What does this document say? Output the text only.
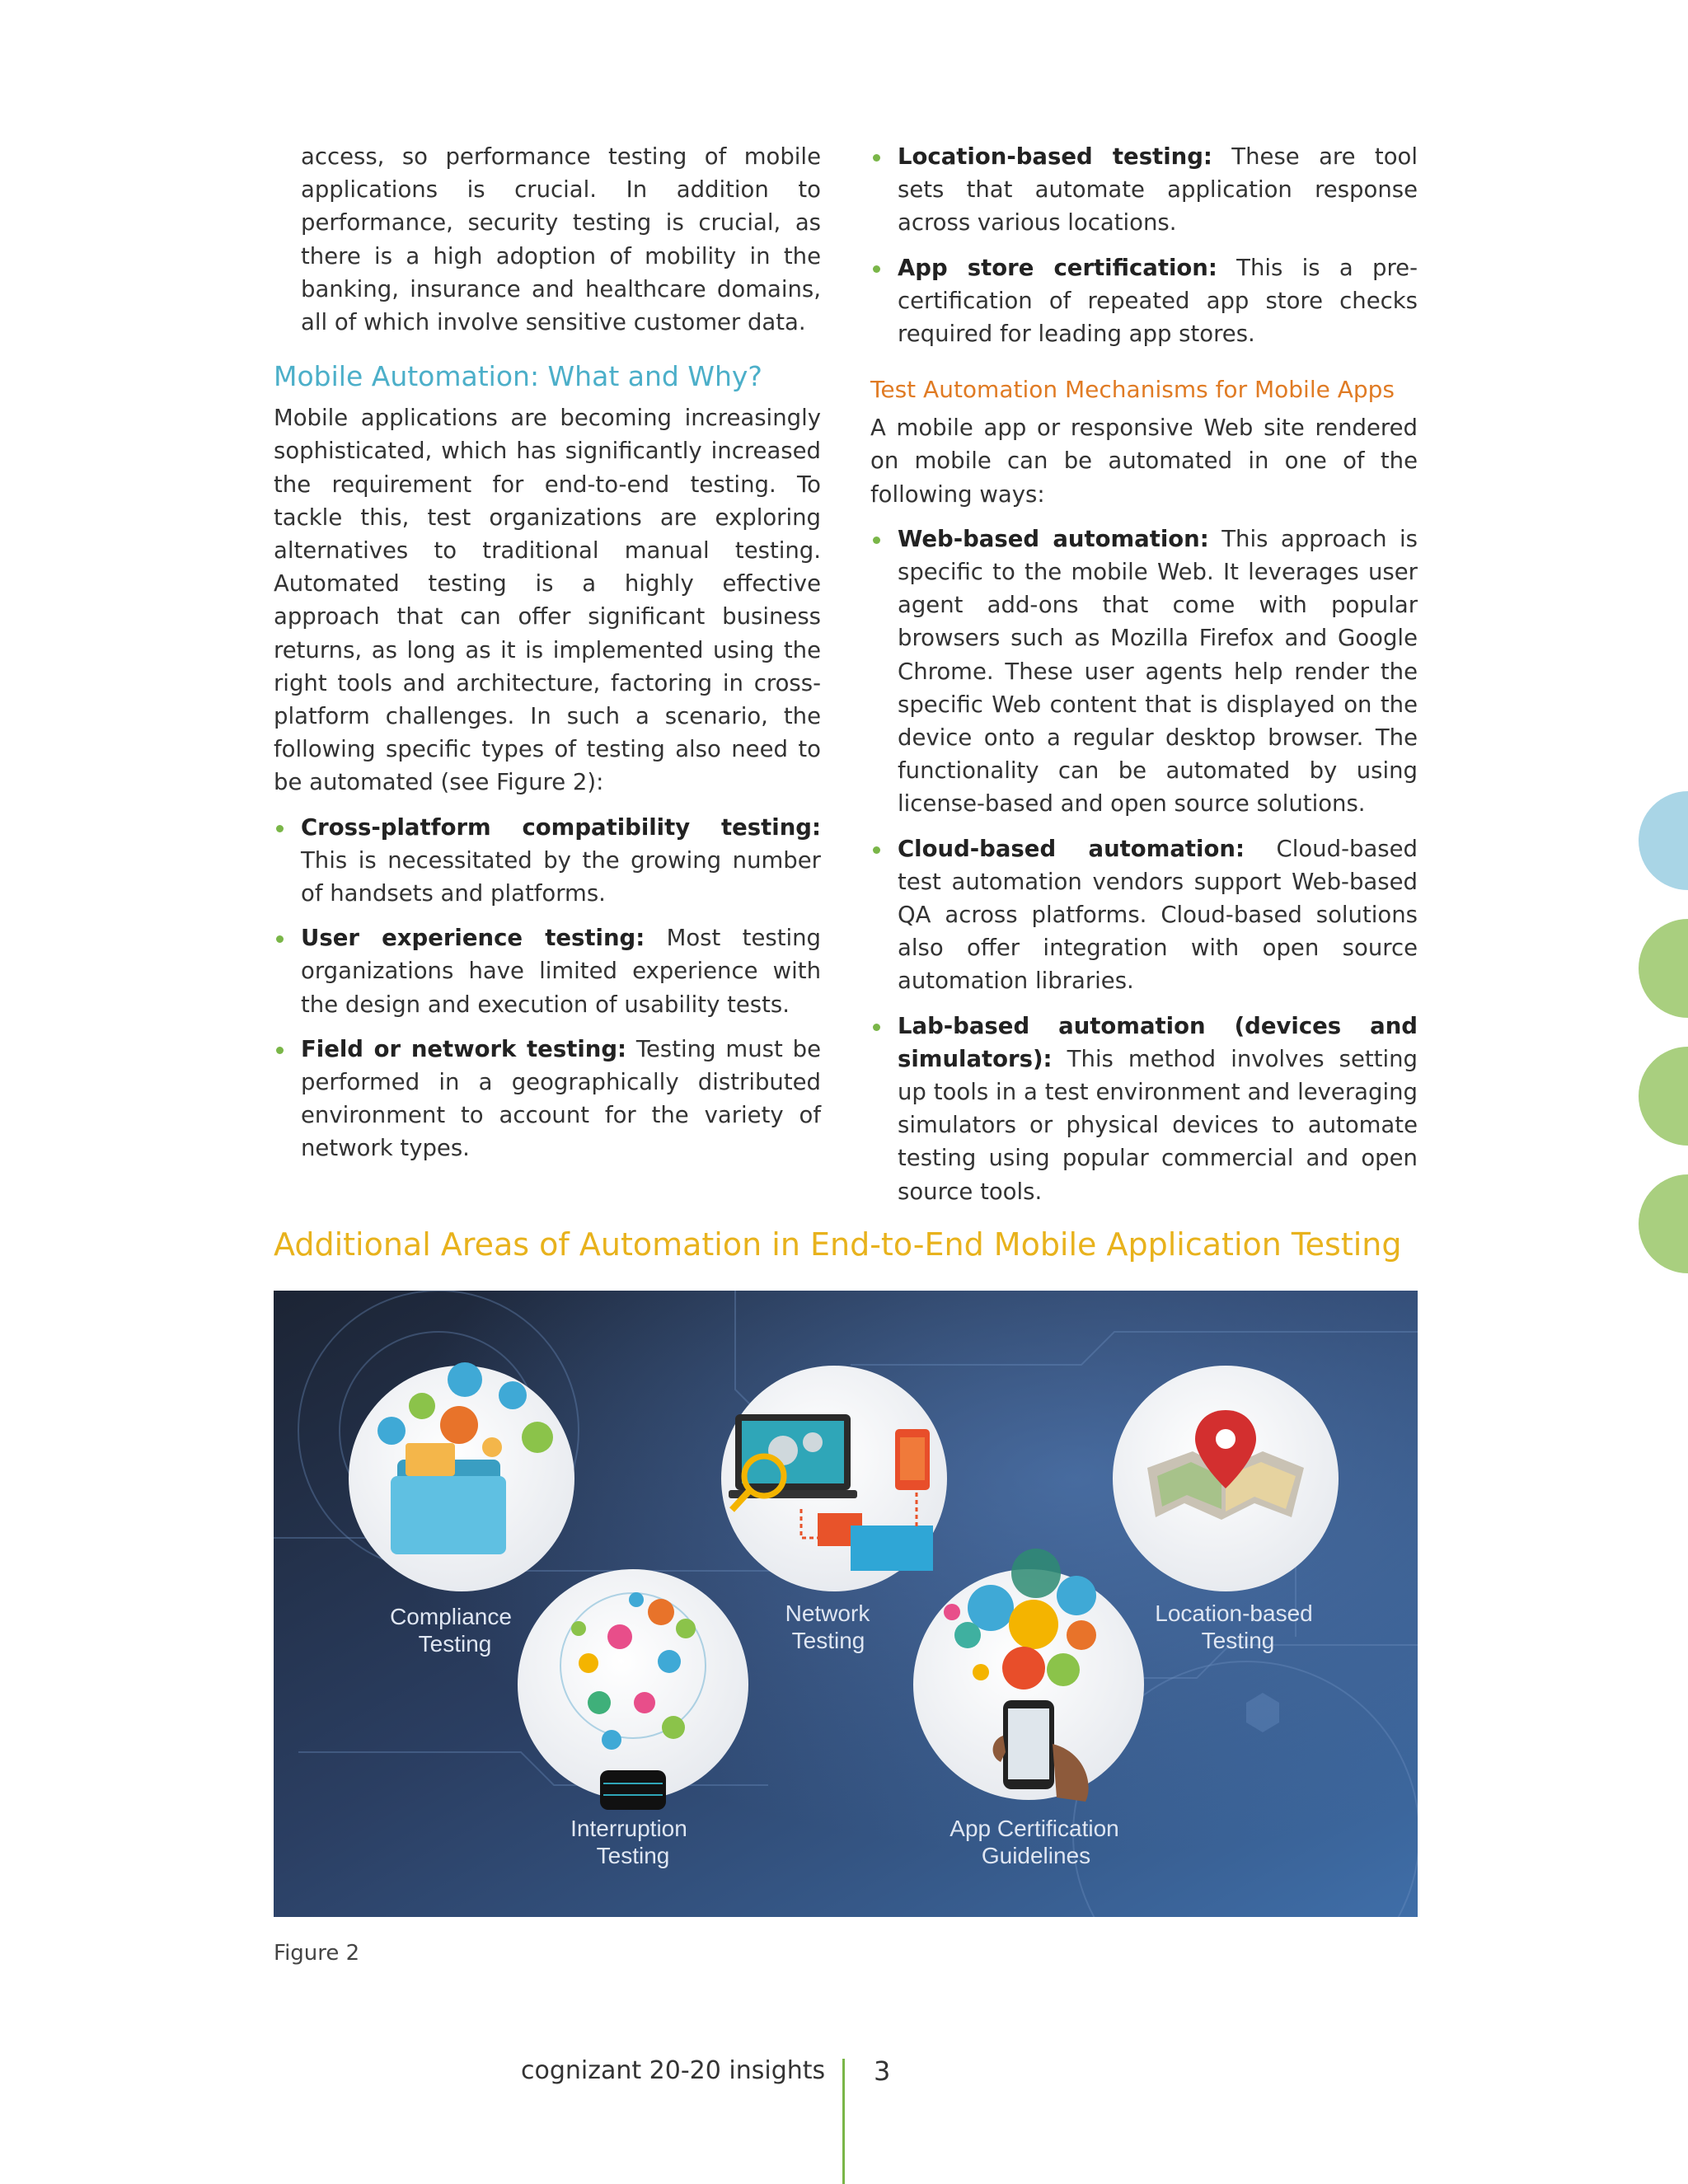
access, so performance testing of mobile applications is crucial. In addition to performance, security testing is crucial, as there is a high adoption of mobility in the banking, insurance and healthcare domains, all of which involve sensitive customer data.

Mobile Automation: What and Why?

Mobile applications are becoming increasingly sophisticated, which has significantly increased the requirement for end-to-end testing. To tackle this, test organizations are exploring alternatives to traditional manual testing. Automated testing is a highly effective approach that can offer significant business returns, as long as it is implemented using the right tools and architecture, factoring in cross-platform challenges. In such a scenario, the following specific types of testing also need to be automated (see Figure 2):

Cross-platform compatibility testing: This is necessitated by the growing number of handsets and platforms.
User experience testing: Most testing organizations have limited experience with the design and execution of usability tests.
Field or network testing: Testing must be performed in a geographically distributed environment to account for the variety of network types.
Location-based testing: These are tool sets that automate application response across various locations.
App store certification: This is a pre-certification of repeated app store checks required for leading app stores.
Test Automation Mechanisms for Mobile Apps

A mobile app or responsive Web site rendered on mobile can be automated in one of the following ways:

Web-based automation: This approach is specific to the mobile Web. It leverages user agent add-ons that come with popular browsers such as Mozilla Firefox and Google Chrome. These user agents help render the specific Web content that is displayed on the device onto a regular desktop browser. The functionality can be automated by using license-based and open source solutions.
Cloud-based automation: Cloud-based test automation vendors support Web-based QA across platforms. Cloud-based solutions also offer integration with open source automation libraries.
Lab-based automation (devices and simulators): This method involves setting up tools in a test environment and leveraging simulators or physical devices to automate testing using popular commercial and open source tools.
Additional Areas of Automation in End-to-End Mobile Application Testing
Compliance
Testing
Network
Testing
Location-based
Testing
Interruption
Testing
App Certification
Guidelines

Figure 2

cognizant 20-20 insights 3
